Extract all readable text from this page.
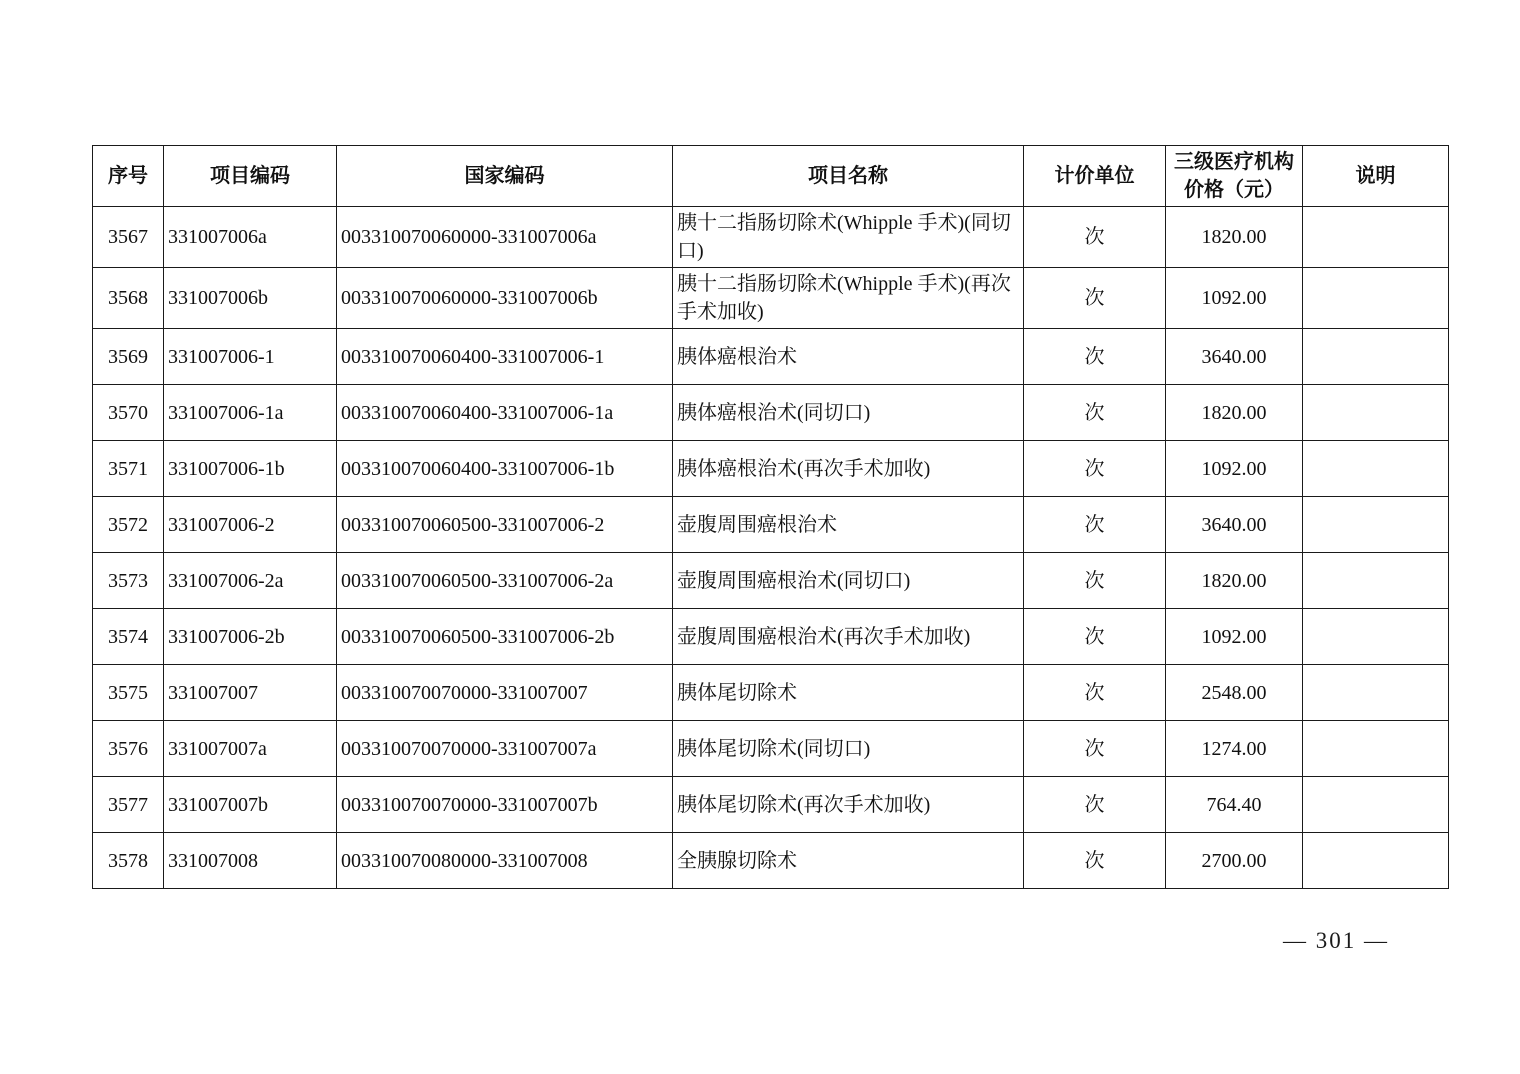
序号	项目编码	国家编码	项目名称	计价单位	三级医疗机构价格（元）	说明
3567	331007006a	003310070060000-331007006a	胰十二指肠切除术(Whipple 手术)(同切口)	次	1820.00	
3568	331007006b	003310070060000-331007006b	胰十二指肠切除术(Whipple 手术)(再次手术加收)	次	1092.00	
3569	331007006-1	003310070060400-331007006-1	胰体癌根治术	次	3640.00	
3570	331007006-1a	003310070060400-331007006-1a	胰体癌根治术(同切口)	次	1820.00	
3571	331007006-1b	003310070060400-331007006-1b	胰体癌根治术(再次手术加收)	次	1092.00	
3572	331007006-2	003310070060500-331007006-2	壶腹周围癌根治术	次	3640.00	
3573	331007006-2a	003310070060500-331007006-2a	壶腹周围癌根治术(同切口)	次	1820.00	
3574	331007006-2b	003310070060500-331007006-2b	壶腹周围癌根治术(再次手术加收)	次	1092.00	
3575	331007007	003310070070000-331007007	胰体尾切除术	次	2548.00	
3576	331007007a	003310070070000-331007007a	胰体尾切除术(同切口)	次	1274.00	
3577	331007007b	003310070070000-331007007b	胰体尾切除术(再次手术加收)	次	764.40	
3578	331007008	003310070080000-331007008	全胰腺切除术	次	2700.00	
— 301 —
